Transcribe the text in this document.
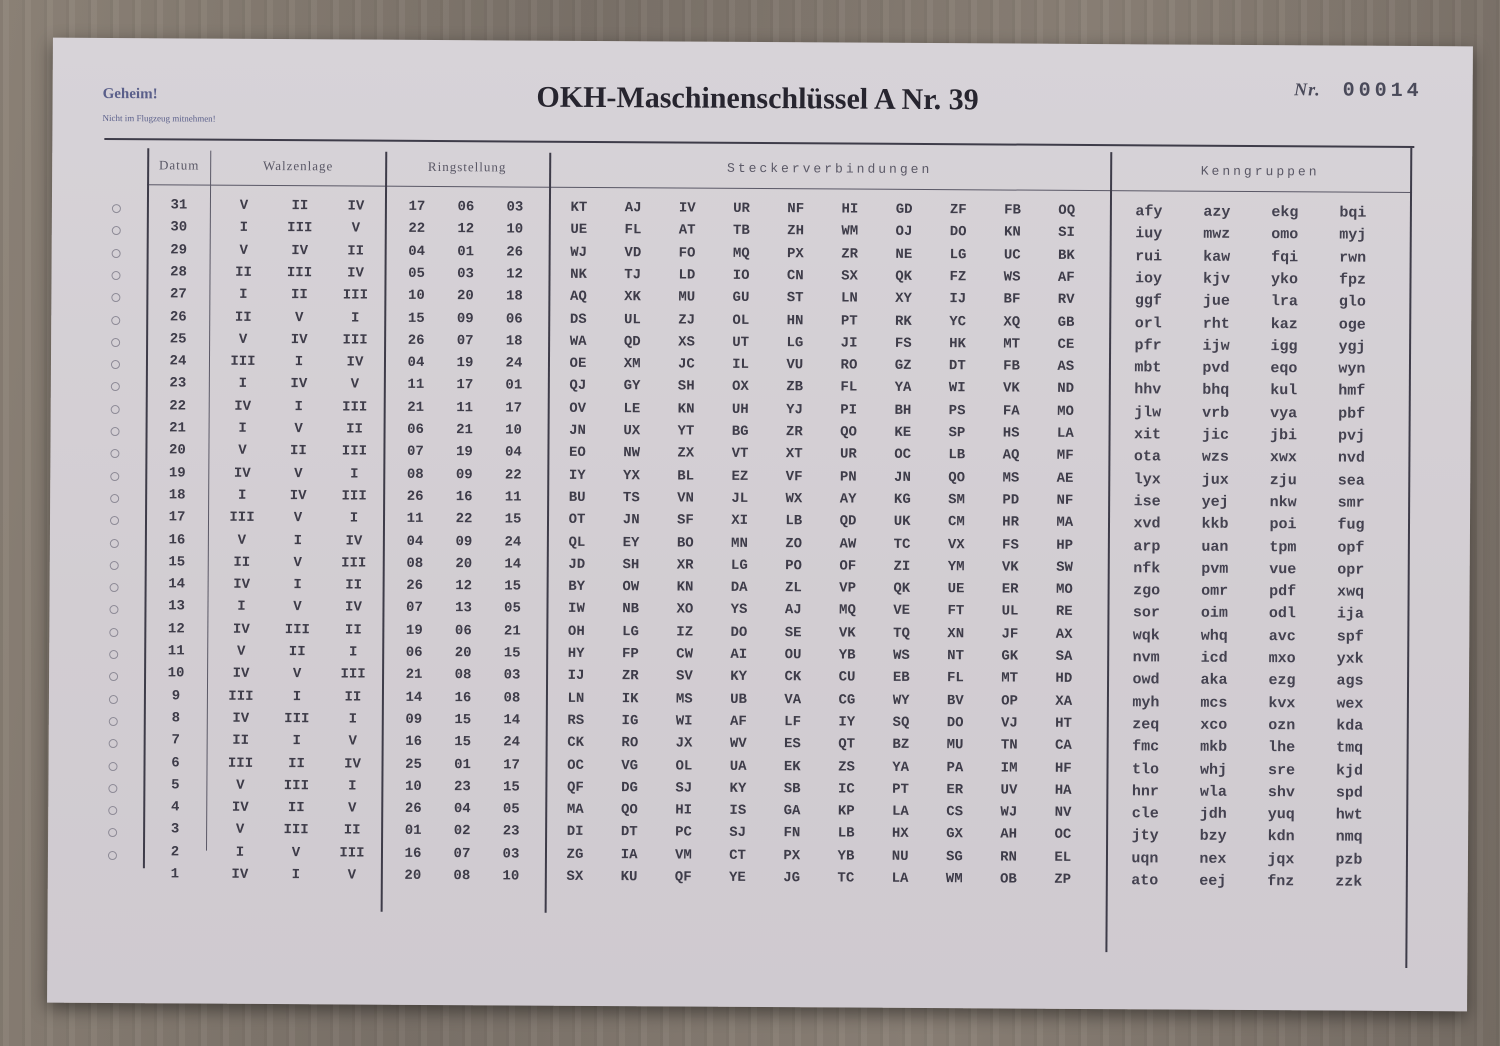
Geheim!
Nicht im Flugzeug mitnehmen!
OKH-Maschinenschlüssel A Nr. 39	Nr. 00014
Datum	Walzenlage	Ringstellung	Steckerverbindungen	Kenngruppen
31	V	II	IV	17	06	03	KT	AJ	IV	UR	NF	HI	GD	ZF	FB	OQ	afy	azy	ekg	bqi
30	I	III	V	22	12	10	UE	FL	AT	TB	ZH	WM	OJ	DO	KN	SI	iuy	mwz	omo	myj
29	V	IV	II	04	01	26	WJ	VD	FO	MQ	PX	ZR	NE	LG	UC	BK	rui	kaw	fqi	rwn
28	II	III	IV	05	03	12	NK	TJ	LD	IO	CN	SX	QK	FZ	WS	AF	ioy	kjv	yko	fpz
27	I	II	III	10	20	18	AQ	XK	MU	GU	ST	LN	XY	IJ	BF	RV	ggf	jue	lra	glo
26	II	V	I	15	09	06	DS	UL	ZJ	OL	HN	PT	RK	YC	XQ	GB	orl	rht	kaz	oge
25	V	IV	III	26	07	18	WA	QD	XS	UT	LG	JI	FS	HK	MT	CE	pfr	ijw	igg	ygj
24	III	I	IV	04	19	24	OE	XM	JC	IL	VU	RO	GZ	DT	FB	AS	mbt	pvd	eqo	wyn
23	I	IV	V	11	17	01	QJ	GY	SH	OX	ZB	FL	YA	WI	VK	ND	hhv	bhq	kul	hmf
22	IV	I	III	21	11	17	OV	LE	KN	UH	YJ	PI	BH	PS	FA	MO	jlw	vrb	vya	pbf
21	I	V	II	06	21	10	JN	UX	YT	BG	ZR	QO	KE	SP	HS	LA	xit	jic	jbi	pvj
20	V	II	III	07	19	04	EO	NW	ZX	VT	XT	UR	OC	LB	AQ	MF	ota	wzs	xwx	nvd
19	IV	V	I	08	09	22	IY	YX	BL	EZ	VF	PN	JN	QO	MS	AE	lyx	jux	zju	sea
18	I	IV	III	26	16	11	BU	TS	VN	JL	WX	AY	KG	SM	PD	NF	ise	yej	nkw	smr
17	III	V	I	11	22	15	OT	JN	SF	XI	LB	QD	UK	CM	HR	MA	xvd	kkb	poi	fug
16	V	I	IV	04	09	24	QL	EY	BO	MN	ZO	AW	TC	VX	FS	HP	arp	uan	tpm	opf
15	II	V	III	08	20	14	JD	SH	XR	LG	PO	OF	ZI	YM	VK	SW	nfk	pvm	vue	opr
14	IV	I	II	26	12	15	BY	OW	KN	DA	ZL	VP	QK	UE	ER	MO	zgo	omr	pdf	xwq
13	I	V	IV	07	13	05	IW	NB	XO	YS	AJ	MQ	VE	FT	UL	RE	sor	oim	odl	ija
12	IV	III	II	19	06	21	OH	LG	IZ	DO	SE	VK	TQ	XN	JF	AX	wqk	whq	avc	spf
11	V	II	I	06	20	15	HY	FP	CW	AI	OU	YB	WS	NT	GK	SA	nvm	icd	mxo	yxk
10	IV	V	III	21	08	03	IJ	ZR	SV	KY	CK	CU	EB	FL	MT	HD	owd	aka	ezg	ags
9	III	I	II	14	16	08	LN	IK	MS	UB	VA	CG	WY	BV	OP	XA	myh	mcs	kvx	wex
8	IV	III	I	09	15	14	RS	IG	WI	AF	LF	IY	SQ	DO	VJ	HT	zeq	xco	ozn	kda
7	II	I	V	16	15	24	CK	RO	JX	WV	ES	QT	BZ	MU	TN	CA	fmc	mkb	lhe	tmq
6	III	II	IV	25	01	17	OC	VG	OL	UA	EK	ZS	YA	PA	IM	HF	tlo	whj	sre	kjd
5	V	III	I	10	23	15	QF	DG	SJ	KY	SB	IC	PT	ER	UV	HA	hnr	wla	shv	spd
4	IV	II	V	26	04	05	MA	QO	HI	IS	GA	KP	LA	CS	WJ	NV	cle	jdh	yuq	hwt
3	V	III	II	01	02	23	DI	DT	PC	SJ	FN	LB	HX	GX	AH	OC	jty	bzy	kdn	nmq
2	I	V	III	16	07	03	ZG	IA	VM	CT	PX	YB	NU	SG	RN	EL	uqn	nex	jqx	pzb
1	IV	I	V	20	08	10	SX	KU	QF	YE	JG	TC	LA	WM	OB	ZP	ato	eej	fnz	zzk
